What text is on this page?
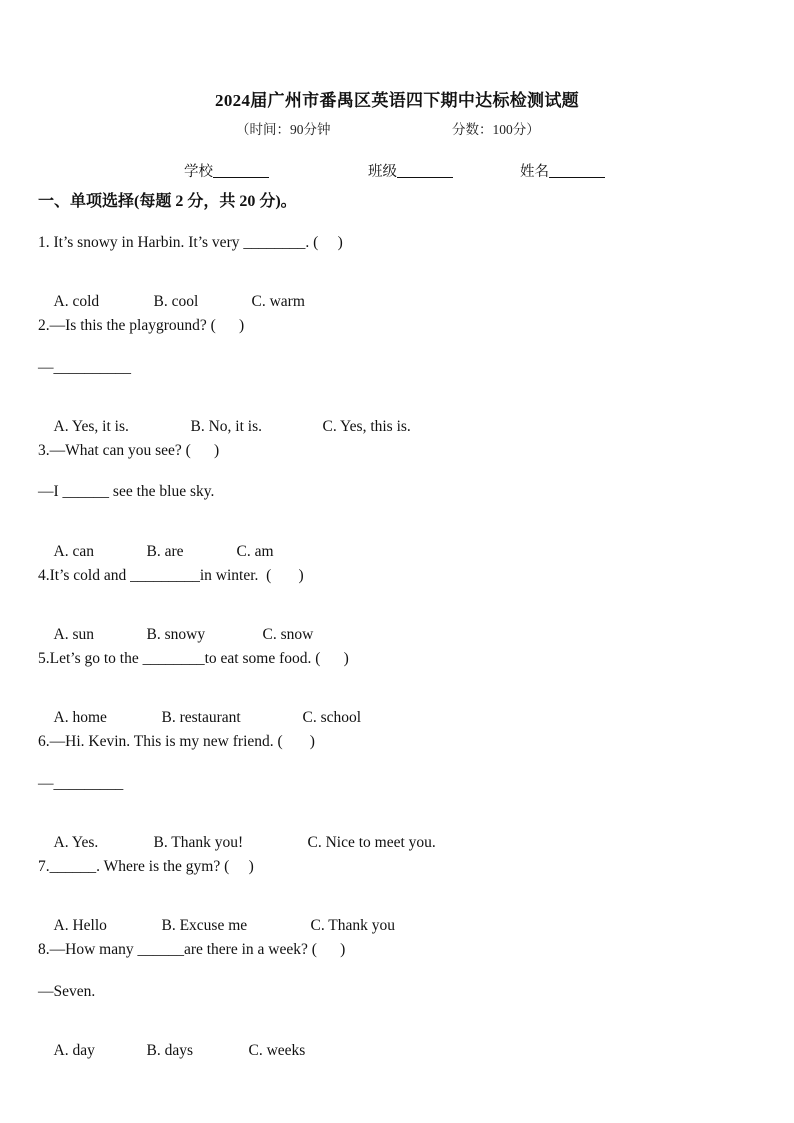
2024届广州市番禺区英语四下期中达标检测试题
（时间：90分钟	分数：100分）
学校	班级	姓名
一、单项选择(每题 2 分，共 20 分)。
1. It’s snowy in Harbin. It’s very ________. (     )

A. cold	B. cool	C. warm

2.—Is this the playground? (      )
—__________

A. Yes, it is.	B. No, it is.	C. Yes, this is.

3.—What can you see? (      )
—I ______ see the blue sky.

A. can	B. are	C. am

4.It’s cold and _________in winter.  (       )

A. sun	B. snowy	C. snow

5.Let’s go to the ________to eat some food. (      )

A. home	B. restaurant	C. school

6.—Hi. Kevin. This is my new friend. (       )
—_________

A. Yes.	B. Thank you!	C. Nice to meet you.

7.______. Where is the gym? (     )

A. Hello	B. Excuse me	C. Thank you

8.—How many ______are there in a week? (      )
—Seven.

A. day	B. days	C. weeks
